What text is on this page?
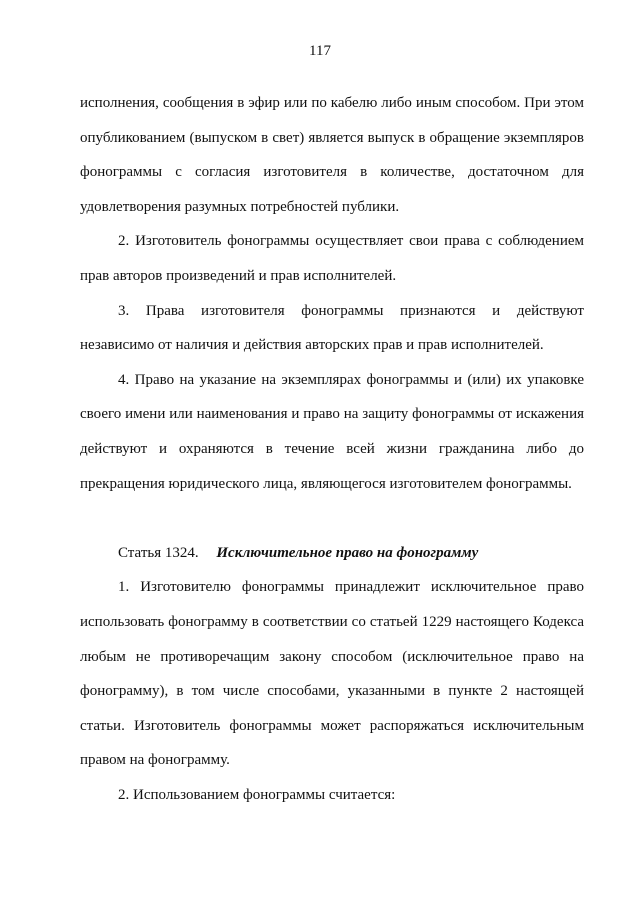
117

исполнения, сообщения в эфир или по кабелю либо иным способом. При этом опубликованием (выпуском в свет) является выпуск в обращение экземпляров фонограммы с согласия изготовителя в количестве, достаточном для удовлетворения разумных потребностей публики.

2. Изготовитель фонограммы осуществляет свои права с соблюдением прав авторов произведений и прав исполнителей.

3. Права изготовителя фонограммы признаются и действуют независимо от наличия и действия авторских прав и прав исполнителей.

4. Право на указание на экземплярах фонограммы и (или) их упаковке своего имени или наименования и право на защиту фонограммы от искажения действуют и охраняются в течение всей жизни гражданина либо до прекращения юридического лица, являющегося изготовителем фонограммы.

Статья 1324. Исключительное право на фонограмму

1. Изготовителю фонограммы принадлежит исключительное право использовать фонограмму в соответствии со статьей 1229 настоящего Кодекса любым не противоречащим закону способом (исключительное право на фонограмму), в том числе способами, указанными в пункте 2 настоящей статьи. Изготовитель фонограммы может распоряжаться исключительным правом на фонограмму.

2. Использованием фонограммы считается:
